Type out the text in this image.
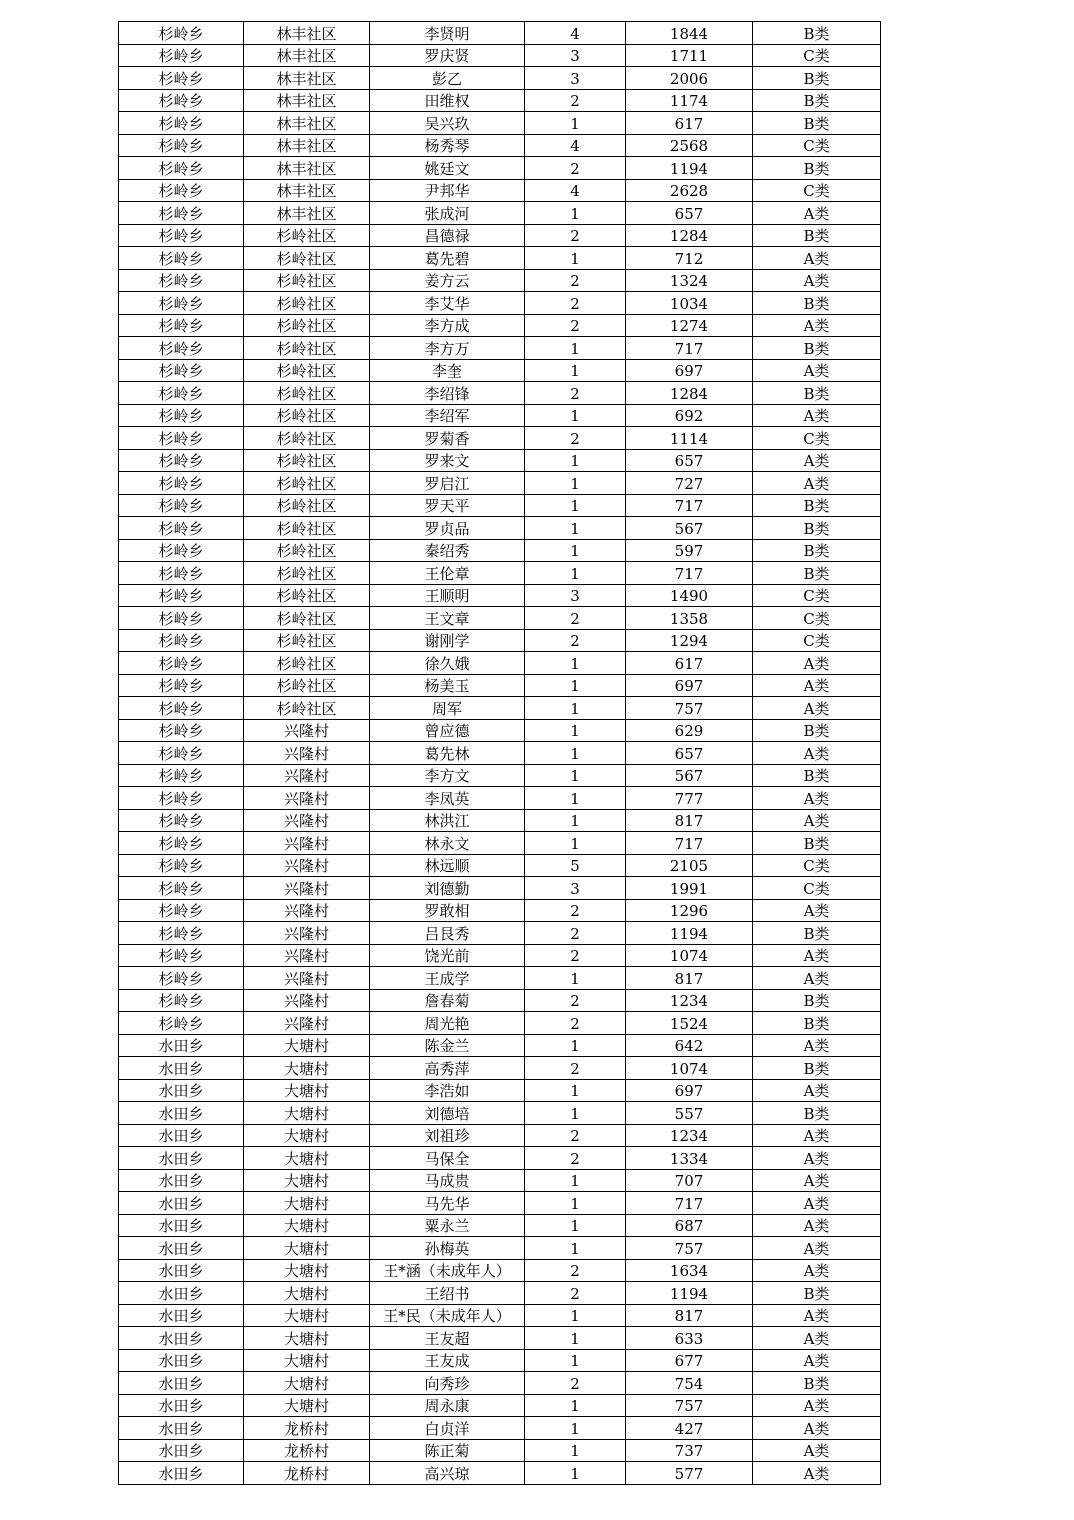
杉岭乡	林丰社区	李贤明	4	1844	B类
杉岭乡	林丰社区	罗庆贤	3	1711	C类
杉岭乡	林丰社区	彭乙	3	2006	B类
杉岭乡	林丰社区	田维权	2	1174	B类
杉岭乡	林丰社区	吴兴玖	1	617	B类
杉岭乡	林丰社区	杨秀琴	4	2568	C类
杉岭乡	林丰社区	姚廷文	2	1194	B类
杉岭乡	林丰社区	尹邦华	4	2628	C类
杉岭乡	林丰社区	张成河	1	657	A类
杉岭乡	杉岭社区	昌德禄	2	1284	B类
杉岭乡	杉岭社区	葛先碧	1	712	A类
杉岭乡	杉岭社区	姜方云	2	1324	A类
杉岭乡	杉岭社区	李艾华	2	1034	B类
杉岭乡	杉岭社区	李方成	2	1274	A类
杉岭乡	杉岭社区	李方万	1	717	B类
杉岭乡	杉岭社区	李奎	1	697	A类
杉岭乡	杉岭社区	李绍锋	2	1284	B类
杉岭乡	杉岭社区	李绍军	1	692	A类
杉岭乡	杉岭社区	罗菊香	2	1114	C类
杉岭乡	杉岭社区	罗来文	1	657	A类
杉岭乡	杉岭社区	罗启江	1	727	A类
杉岭乡	杉岭社区	罗天平	1	717	B类
杉岭乡	杉岭社区	罗贞品	1	567	B类
杉岭乡	杉岭社区	秦绍秀	1	597	B类
杉岭乡	杉岭社区	王伦章	1	717	B类
杉岭乡	杉岭社区	王顺明	3	1490	C类
杉岭乡	杉岭社区	王文章	2	1358	C类
杉岭乡	杉岭社区	谢刚学	2	1294	C类
杉岭乡	杉岭社区	徐久娥	1	617	A类
杉岭乡	杉岭社区	杨美玉	1	697	A类
杉岭乡	杉岭社区	周军	1	757	A类
杉岭乡	兴隆村	曾应德	1	629	B类
杉岭乡	兴隆村	葛先林	1	657	A类
杉岭乡	兴隆村	李方文	1	567	B类
杉岭乡	兴隆村	李凤英	1	777	A类
杉岭乡	兴隆村	林洪江	1	817	A类
杉岭乡	兴隆村	林永文	1	717	B类
杉岭乡	兴隆村	林远顺	5	2105	C类
杉岭乡	兴隆村	刘德勤	3	1991	C类
杉岭乡	兴隆村	罗敢相	2	1296	A类
杉岭乡	兴隆村	吕艮秀	2	1194	B类
杉岭乡	兴隆村	饶光前	2	1074	A类
杉岭乡	兴隆村	王成学	1	817	A类
杉岭乡	兴隆村	詹春菊	2	1234	B类
杉岭乡	兴隆村	周光艳	2	1524	B类
水田乡	大塘村	陈金兰	1	642	A类
水田乡	大塘村	高秀萍	2	1074	B类
水田乡	大塘村	李浩如	1	697	A类
水田乡	大塘村	刘德培	1	557	B类
水田乡	大塘村	刘祖珍	2	1234	A类
水田乡	大塘村	马保全	2	1334	A类
水田乡	大塘村	马成贵	1	707	A类
水田乡	大塘村	马先华	1	717	A类
水田乡	大塘村	粟永兰	1	687	A类
水田乡	大塘村	孙梅英	1	757	A类
水田乡	大塘村	王*涵（未成年人）	2	1634	A类
水田乡	大塘村	王绍书	2	1194	B类
水田乡	大塘村	王*民（未成年人）	1	817	A类
水田乡	大塘村	王友超	1	633	A类
水田乡	大塘村	王友成	1	677	A类
水田乡	大塘村	向秀珍	2	754	B类
水田乡	大塘村	周永康	1	757	A类
水田乡	龙桥村	白贞洋	1	427	A类
水田乡	龙桥村	陈正菊	1	737	A类
水田乡	龙桥村	高兴琼	1	577	A类
